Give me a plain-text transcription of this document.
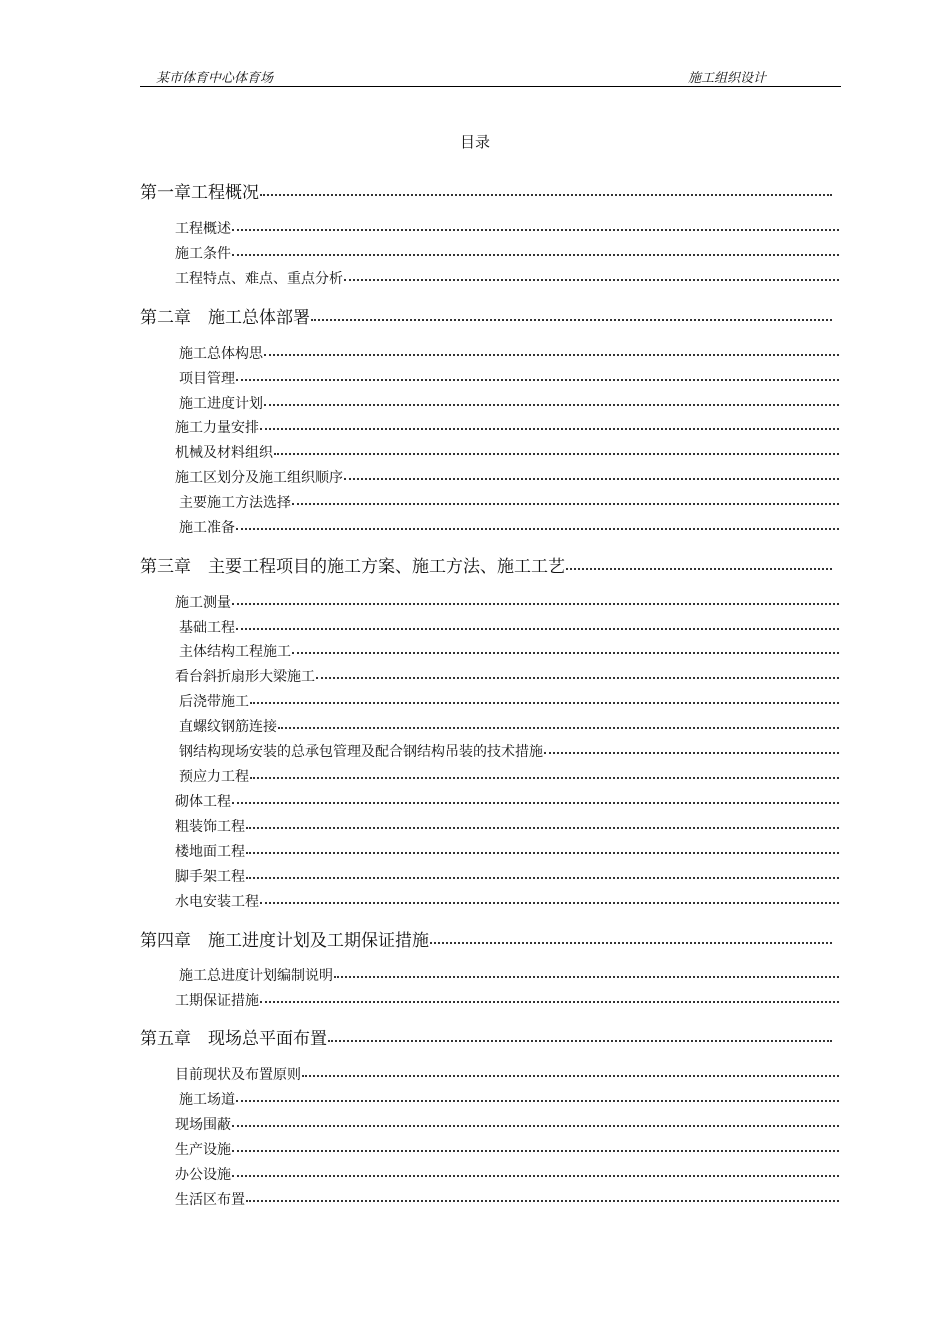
某市体育中心体育场	施工组织设计
目录
第一章工程概况
工程概述
施工条件
工程特点、难点、重点分析
第二章　施工总体部署
施工总体构思
项目管理
施工进度计划
施工力量安排
机械及材料组织
施工区划分及施工组织顺序
主要施工方法选择
施工准备
第三章　主要工程项目的施工方案、施工方法、施工工艺
施工测量
基础工程
主体结构工程施工
看台斜折扇形大梁施工
后浇带施工
直螺纹钢筋连接
钢结构现场安装的总承包管理及配合钢结构吊装的技术措施
预应力工程
砌体工程
粗装饰工程
楼地面工程
脚手架工程
水电安装工程
第四章　施工进度计划及工期保证措施
施工总进度计划编制说明
工期保证措施
第五章　现场总平面布置
目前现状及布置原则
施工场道
现场围蔽
生产设施
办公设施
生活区布置
